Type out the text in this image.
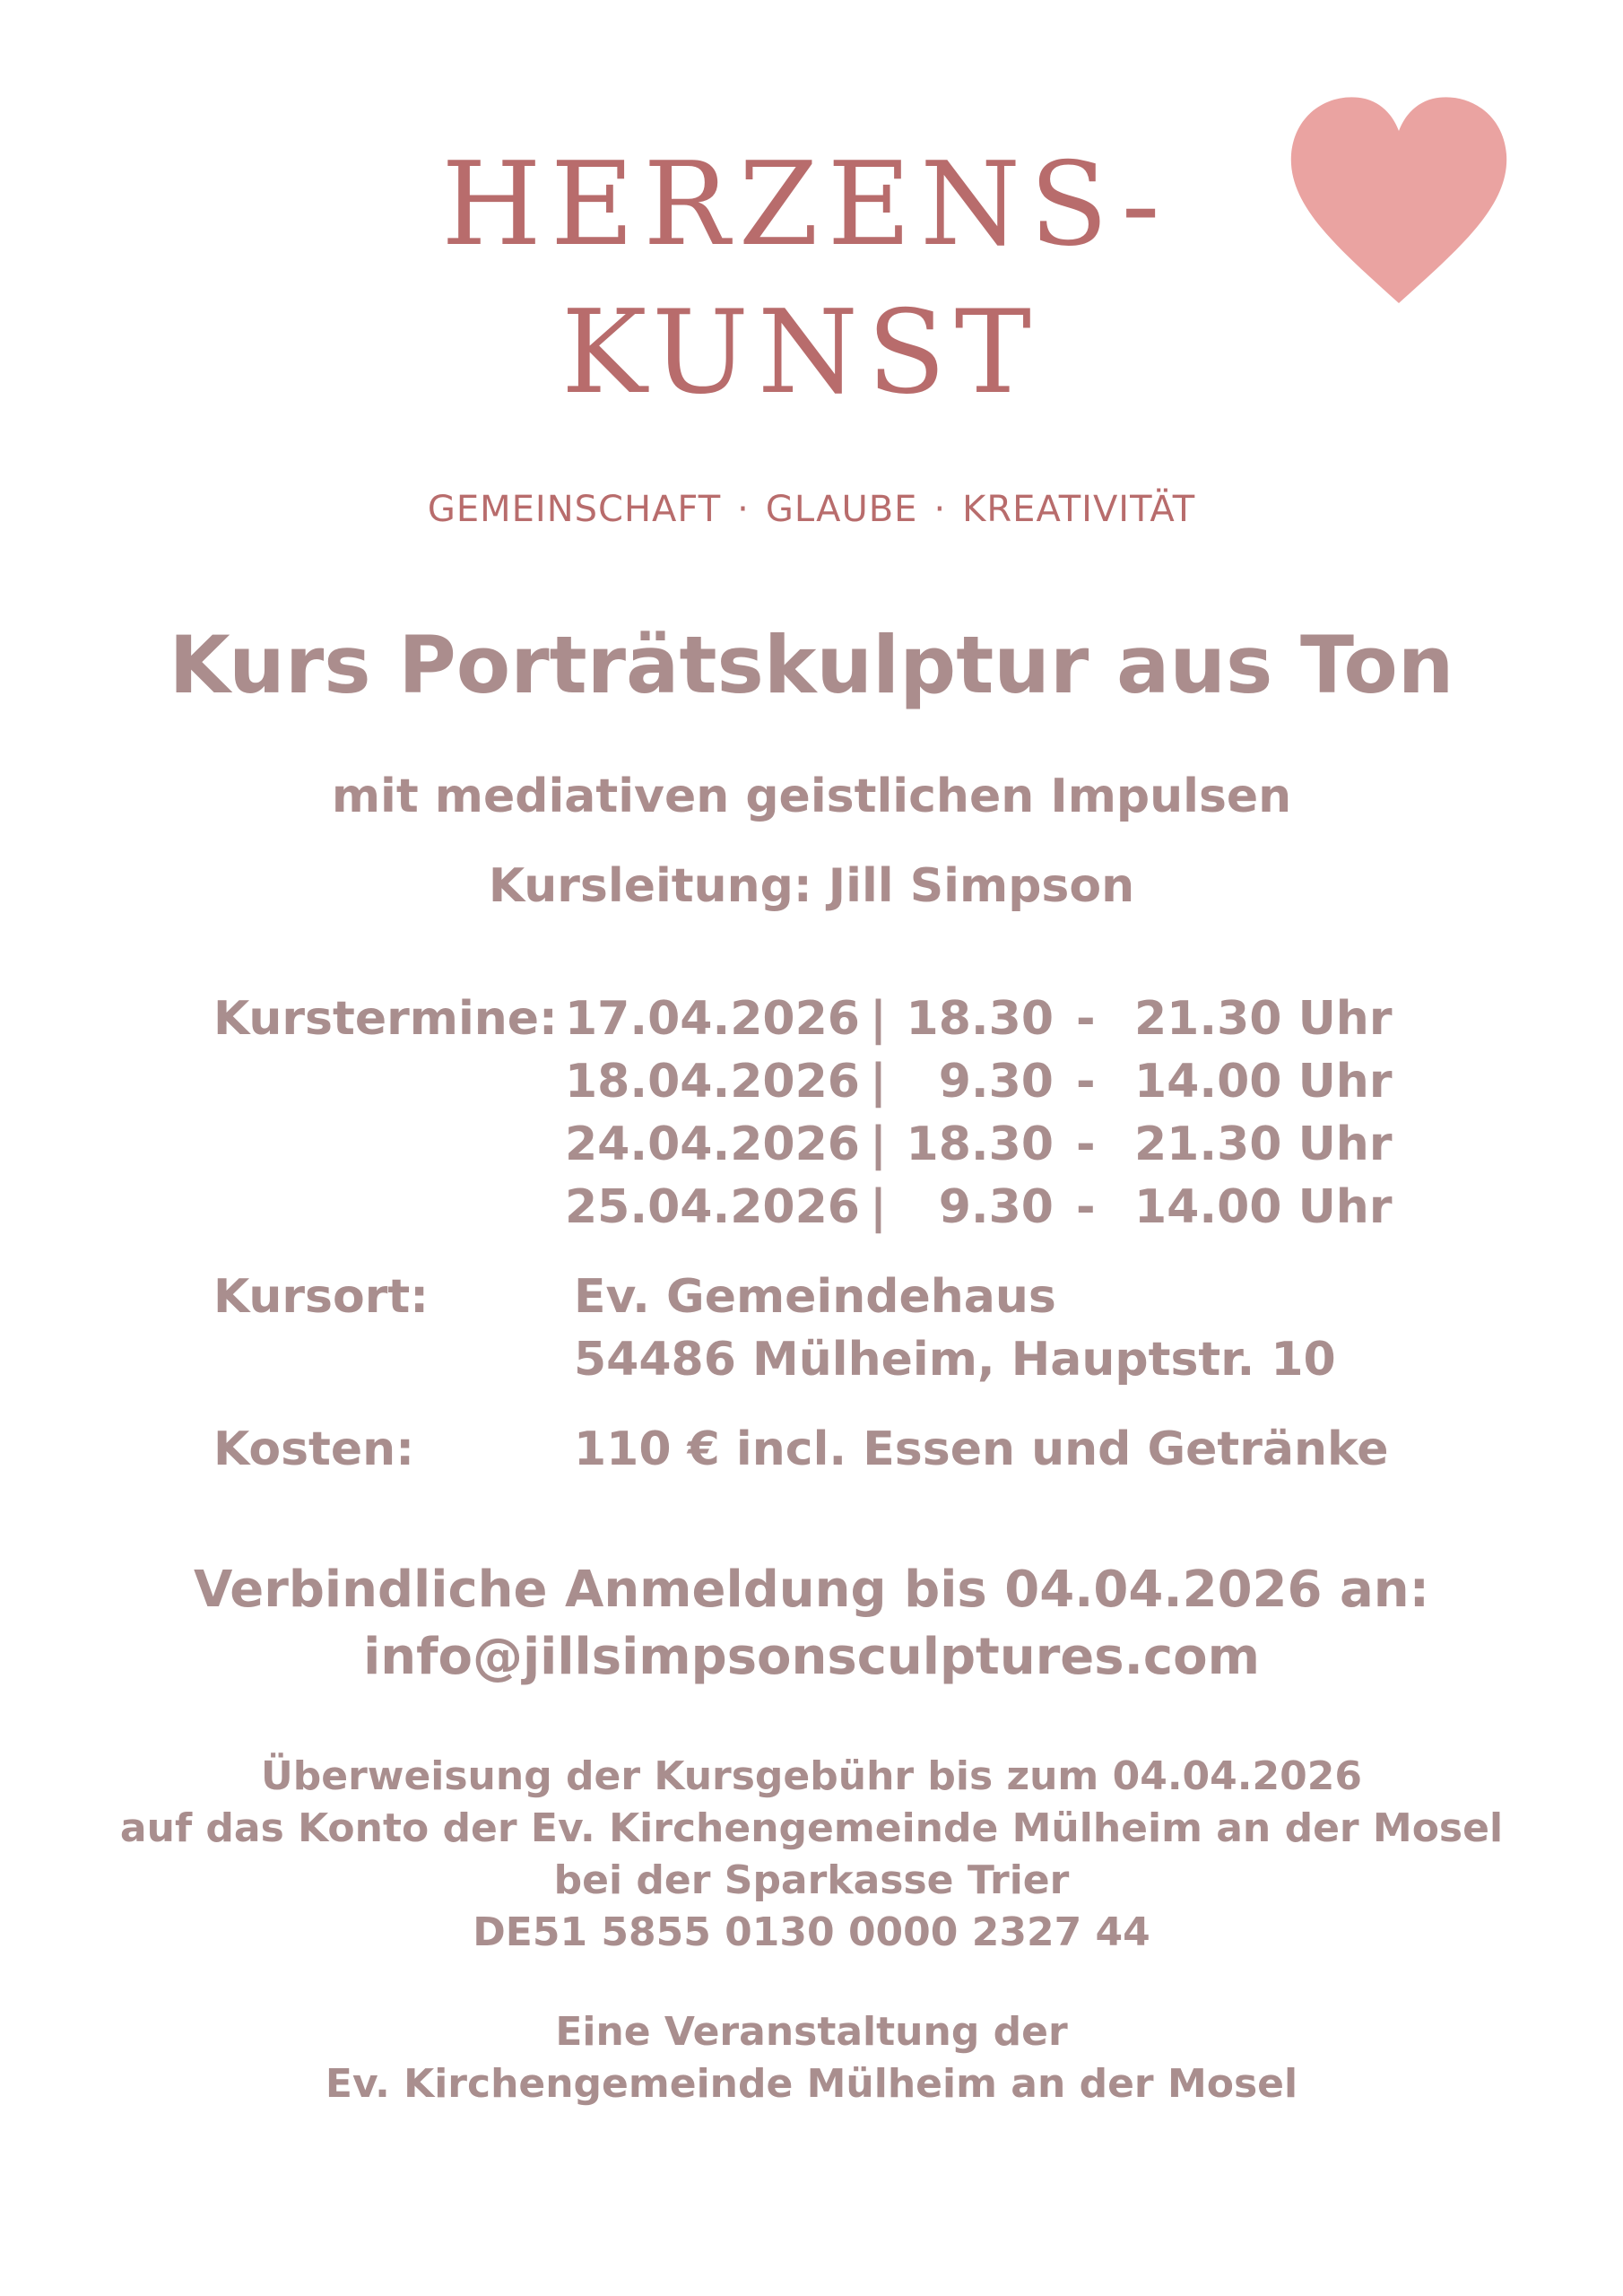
HERZENS-
KUNST
GEMEINSCHAFT · GLAUBE · KREATIVITÄT
Kurs Porträtskulptur aus Ton
mit mediativen geistlichen Impulsen
Kursleitung: Jill Simpson
Kurstermine: 17.04.2026 | 18.30 - 21.30 Uhr
18.04.2026 |	9.30 - 14.00 Uhr
24.04.2026 | 18.30 - 21.30 Uhr
25.04.2026 |	9.30 - 14.00 Uhr
Kursort:	Ev. Gemeindehaus
54486 Mülheim, Hauptstr. 10
Kosten:	110 € incl. Essen und Getränke
Verbindliche Anmeldung bis 04.04.2026 an:
info@jillsimpsonsculptures.com
Überweisung der Kursgebühr bis zum 04.04.2026
auf das Konto der Ev. Kirchengemeinde Mülheim an der Mosel
bei der Sparkasse Trier
DE51 5855 0130 0000 2327 44
Eine Veranstaltung der
Ev. Kirchengemeinde Mülheim an der Mosel
